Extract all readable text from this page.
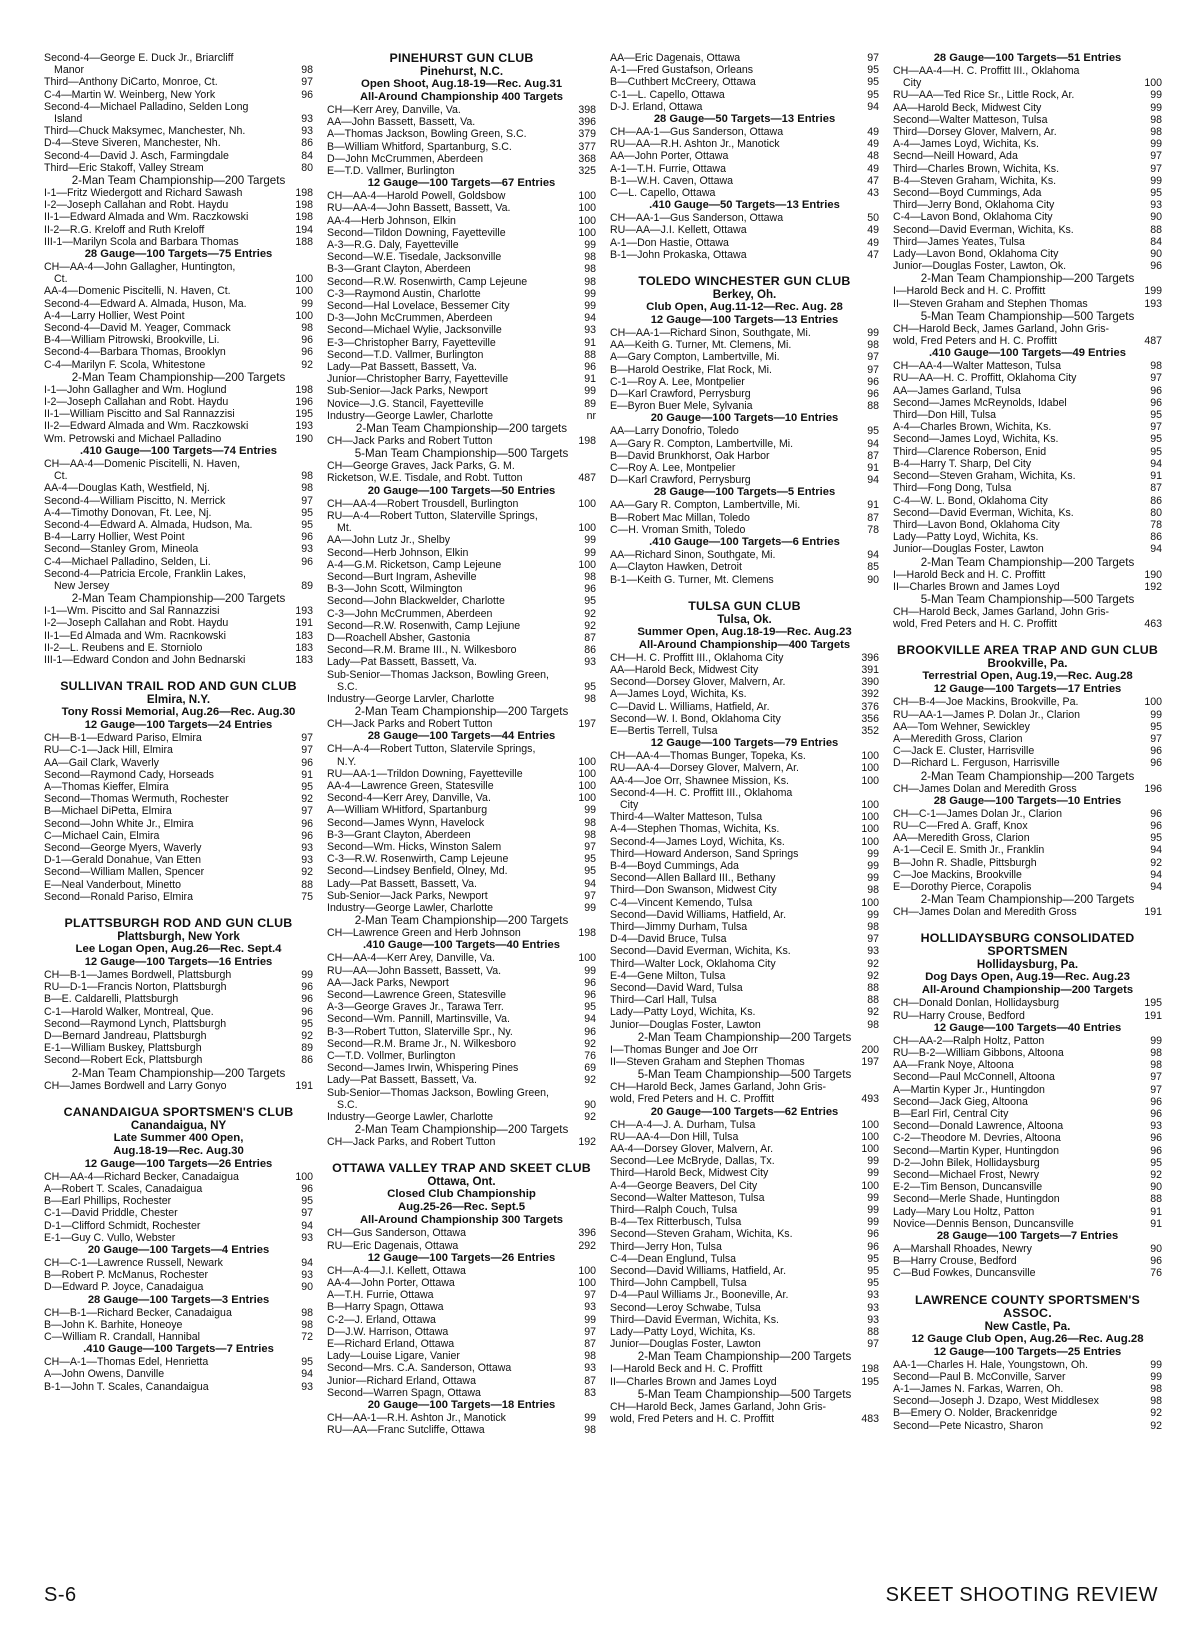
Second-4—George E. Duck Jr., Briarcliff
Manor	98
Third—Anthony DiCarto, Monroe, Ct.	97
C-4—Martin W. Weinberg, New York	96
Second-4—Michael Palladino, Selden Long
Island	93
Third—Chuck Maksymec, Manchester, Nh.	93
D-4—Steve Siveren, Manchester, Nh.	86
Second-4—David J. Asch, Farmingdale	84
Third—Eric Stakoff, Valley Stream	80
2-Man Team Championship—200 Targets
I-1—Fritz Wiedergott and Richard Sawash	198
I-2—Joseph Callahan and Robt. Haydu	198
II-1—Edward Almada and Wm. Raczkowski	198
II-2—R.G. Kreloff and Ruth Kreloff	194
III-1—Marilyn Scola and Barbara Thomas	188
28 Gauge—100 Targets—75 Entries
CH—AA-4—John Gallagher, Huntington,
Ct.	100
AA-4—Domenic Piscitelli, N. Haven, Ct.	100
Second-4—Edward A. Almada, Huson, Ma.	99
A-4—Larry Hollier, West Point	100
Second-4—David M. Yeager, Commack	98
B-4—William Pitrowski, Brookville, Li.	96
Second-4—Barbara Thomas, Brooklyn	96
C-4—Marilyn F. Scola, Whitestone	92
2-Man Team Championship—200 Targets
I-1—John Gallagher and Wm. Hoglund	198
I-2—Joseph Callahan and Robt. Haydu	196
II-1—William Piscitto and Sal Rannazzisi	195
II-2—Edward Almada and Wm. Raczkowski	193
Wm. Petrowski and Michael Palladino	190
.410 Gauge—100 Targets—74 Entries
CH—AA-4—Domenic Piscitelli, N. Haven,
Ct.	98
AA-4—Douglas Kath, Westfield, Nj.	98
Second-4—William Piscitto, N. Merrick	97
A-4—Timothy Donovan, Ft. Lee, Nj.	95
Second-4—Edward A. Almada, Hudson, Ma.	95
B-4—Larry Hollier, West Point	96
Second—Stanley Grom, Mineola	93
C-4—Michael Palladino, Selden, Li.	96
Second-4—Patricia Ercole, Franklin Lakes,
New Jersey	89
2-Man Team Championship—200 Targets
I-1—Wm. Piscitto and Sal Rannazzisi	193
I-2—Joseph Callahan and Robt. Haydu	191
II-1—Ed Almada and Wm. Racnkowski	183
II-2—L. Reubens and E. Storniolo	183
III-1—Edward Condon and John Bednarski	183
SULLIVAN TRAIL ROD AND GUN CLUB
Elmira, N.Y.
Tony Rossi Memorial, Aug.26—Rec. Aug.30
12 Gauge—100 Targets—24 Entries
CH—B-1—Edward Pariso, Elmira	97
RU—C-1—Jack Hill, Elmira	97
AA—Gail Clark, Waverly	96
Second—Raymond Cady, Horseads	91
A—Thomas Kieffer, Elmira	95
Second—Thomas Wermuth, Rochester	92
B—Michael DiPetta, Elmira	97
Second—John White Jr., Elmira	96
C—Michael Cain, Elmira	96
Second—George Myers, Waverly	93
D-1—Gerald Donahue, Van Etten	93
Second—William Mallen, Spencer	92
E—Neal Vanderbout, Minetto	88
Second—Ronald Pariso, Elmira	75
PLATTSBURGH ROD AND GUN CLUB
Plattsburgh, New York
Lee Logan Open, Aug.26—Rec. Sept.4
12 Gauge—100 Targets—16 Entries
CH—B-1—James Bordwell, Plattsburgh	99
RU—D-1—Francis Norton, Plattsburgh	96
B—E. Caldarelli, Plattsburgh	96
C-1—Harold Walker, Montreal, Que.	96
Second—Raymond Lynch, Plattsburgh	95
D—Bernard Jandreau, Plattsburgh	92
E-1—William Buskey, Plattsburgh	89
Second—Robert Eck, Plattsburgh	86
2-Man Team Championship—200 Targets
CH—James Bordwell and Larry Gonyo	191
CANANDAIGUA SPORTSMEN'S CLUB
Canandaigua, NY
Late Summer 400 Open,
Aug.18-19—Rec. Aug.30
12 Gauge—100 Targets—26 Entries
CH—AA-4—Richard Becker, Canadaigua	100
A—Robert T. Scales, Canadaigua	96
B—Earl Phillips, Rochester	95
C-1—David Priddle, Chester	97
D-1—Clifford Schmidt, Rochester	94
E-1—Guy C. Vullo, Webster	93
20 Gauge—100 Targets—4 Entries
CH—C-1—Lawrence Russell, Newark	94
B—Robert P. McManus, Rochester	93
D—Edward P. Joyce, Canadaigua	90
28 Gauge—100 Targets—3 Entries
CH—B-1—Richard Becker, Canadaigua	98
B—John K. Barhite, Honeoye	98
C—William R. Crandall, Hannibal	72
.410 Gauge—100 Targets—7 Entries
CH—A-1—Thomas Edel, Henrietta	95
A—John Owens, Danville	94
B-1—John T. Scales, Canandaigua	93
PINEHURST GUN CLUB
Pinehurst, N.C.
Open Shoot, Aug.18-19—Rec. Aug.31
All-Around Championship 400 Targets
CH—Kerr Arey, Danville, Va.	398
AA—John Bassett, Bassett, Va.	396
A—Thomas Jackson, Bowling Green, S.C.	379
B—William Whitford, Spartanburg, S.C.	377
D—John McCrummen, Aberdeen	368
E—T.D. Vallmer, Burlington	325
12 Gauge—100 Targets—67 Entries
CH—AA-4—Harold Powell, Goldsbow	100
RU—AA-4—John Bassett, Bassett, Va.	100
AA-4—Herb Johnson, Elkin	100
Second—Tildon Downing, Fayetteville	100
A-3—R.G. Daly, Fayetteville	99
Second—W.E. Tisedale, Jacksonville	98
B-3—Grant Clayton, Aberdeen	98
Second—R.W. Rosenwirth, Camp Lejeune	98
C-3—Raymond Austin, Charlotte	99
Second—Hal Lovelace, Bessemer City	99
D-3—John McCrummen, Aberdeen	94
Second—Michael Wylie, Jacksonville	93
E-3—Christopher Barry, Fayetteville	91
Second—T.D. Vallmer, Burlington	88
Lady—Pat Bassett, Bassett, Va.	96
Junior—Christopher Barry, Fayetteville	91
Sub-Senior—Jack Parks, Newport	99
Novice—J.G. Stancil, Fayetteville	89
Industry—George Lawler, Charlotte	nr
2-Man Team Championship—200 targets
CH—Jack Parks and Robert Tutton	198
5-Man Team Championship—500 Targets
CH—George Graves, Jack Parks, G. M.
Ricketson, W.E. Tisdale, and Robt. Tutton	487
20 Gauge—100 Targets—50 Entries
CH—AA-4—Robert Trousdell, Burlington	100
RU—A-4—Robert Tutton, Slaterville Springs,
Mt.	100
AA—John Lutz Jr., Shelby	99
Second—Herb Johnson, Elkin	99
A-4—G.M. Ricketson, Camp Lejeune	100
Second—Burt Ingram, Asheville	98
B-3—John Scott, Wilmington	96
Second—John Blackwelder, Charlotte	95
C-3—John McCrummen, Aberdeen	92
Second—R.W. Rosenwith, Camp Lejiune	92
D—Roachell Absher, Gastonia	87
Second—R.M. Brame III., N. Wilkesboro	86
Lady—Pat Bassett, Bassett, Va.	93
Sub-Senior—Thomas Jackson, Bowling Green,
S.C.	95
Industry—George Larvler, Charlotte	98
2-Man Team Championship—200 Targets
CH—Jack Parks and Robert Tutton	197
28 Gauge—100 Targets—44 Entries
CH—A-4—Robert Tutton, Slatervile Springs,
N.Y.	100
RU—AA-1—Trildon Downing, Fayetteville	100
AA-4—Lawrence Green, Statesville	100
Second-4—Kerr Arey, Danville, Va.	100
A—William WHitford, Spartanburg	99
Second—James Wynn, Havelock	98
B-3—Grant Clayton, Aberdeen	98
Second—Wm. Hicks, Winston Salem	97
C-3—R.W. Rosenwirth, Camp Lejeune	95
Second—Lindsey Benfield, Olney, Md.	95
Lady—Pat Bassett, Bassett, Va.	94
Sub-Senior—Jack Parks, Newport	97
Industry—George Lawler, Charlotte	99
2-Man Team Championship—200 Targets
CH—Lawrence Green and Herb Johnson	198
.410 Gauge—100 Targets—40 Entries
CH—AA-4—Kerr Arey, Danville, Va.	100
RU—AA—John Bassett, Bassett, Va.	99
AA—Jack Parks, Newport	96
Second—Lawrence Green, Statesville	96
A-3—George Graves Jr., Tarawa Terr.	95
Second—Wm. Pannill, Martinsville, Va.	94
B-3—Robert Tutton, Slaterville Spr., Ny.	96
Second—R.M. Brame Jr., N. Wilkesboro	92
C—T.D. Vollmer, Burlington	76
Second—James Irwin, Whispering Pines	69
Lady—Pat Bassett, Bassett, Va.	92
Sub-Senior—Thomas Jackson, Bowling Green,
S.C.	90
Industry—George Lawler, Charlotte	92
2-Man Team Championship—200 Targets
CH—Jack Parks, and Robert Tutton	192
OTTAWA VALLEY TRAP AND SKEET CLUB
Ottawa, Ont.
Closed Club Championship
Aug.25-26—Rec. Sept.5
All-Around Championship 300 Targets
CH—Gus Sanderson, Ottawa	396
RU—Eric Dagenais, Ottawa	292
12 Gauge—100 Targets—26 Entries
CH—A-4—J.I. Kellett, Ottawa	100
AA-4—John Porter, Ottawa	100
A—T.H. Furrie, Ottawa	97
B—Harry Spagn, Ottawa	93
C-2—J. Erland, Ottawa	99
D—J.W. Harrison, Ottawa	97
E—Richard Erland, Ottawa	87
Lady—Louise Ligare, Vanier	98
Second—Mrs. C.A. Sanderson, Ottawa	93
Junior—Richard Erland, Ottawa	87
Second—Warren Spagn, Ottawa	83
20 Gauge—100 Targets—18 Entries
CH—AA-1—R.H. Ashton Jr., Manotick	99
RU—AA—Franc Sutcliffe, Ottawa	98
AA—Eric Dagenais, Ottawa	97
A-1—Fred Gustafson, Orleans	95
B—Cuthbert McCreery, Ottawa	95
C-1—L. Capello, Ottawa	95
D-J. Erland, Ottawa	94
28 Gauge—50 Targets—13 Entries
CH—AA-1—Gus Sanderson, Ottawa	49
RU—AA—R.H. Ashton Jr., Manotick	49
AA—John Porter, Ottawa	48
A-1—T.H. Furrie, Ottawa	49
B-1—W.H. Caven, Ottawa	47
C—L. Capello, Ottawa	43
.410 Gauge—50 Targets—13 Entries
CH—AA-1—Gus Sanderson, Ottawa	50
RU—AA—J.I. Kellett, Ottawa	49
A-1—Don Hastie, Ottawa	49
B-1—John Prokaska, Ottawa	47
TOLEDO WINCHESTER GUN CLUB
Berkey, Oh.
Club Open, Aug.11-12—Rec. Aug. 28
12 Gauge—100 Targets—13 Entries
CH—AA-1—Richard Sinon, Southgate, Mi.	99
AA—Keith G. Turner, Mt. Clemens, Mi.	98
A—Gary Compton, Lambertville, Mi.	97
B—Harold Oestrike, Flat Rock, Mi.	97
C-1—Roy A. Lee, Montpelier	96
D—Karl Crawford, Perrysburg	96
E—Byron Buer Mele, Sylvania	88
20 Gauge—100 Targets—10 Entries
AA—Larry Donofrio, Toledo	95
A—Gary R. Compton, Lambertville, Mi.	94
B—David Brunkhorst, Oak Harbor	87
C—Roy A. Lee, Montpelier	91
D—Karl Crawford, Perrysburg	94
28 Gauge—100 Targets—5 Entries
AA—Gary R. Compton, Lambertville, Mi.	91
B—Robert Mac Millan, Toledo	87
C—H. Vroman Smith, Toledo	78
.410 Gauge—100 Targets—6 Entries
AA—Richard Sinon, Southgate, Mi.	94
A—Clayton Hawken, Detroit	85
B-1—Keith G. Turner, Mt. Clemens	90
TULSA GUN CLUB
Tulsa, Ok.
Summer Open, Aug.18-19—Rec. Aug.23
All-Around Championship—400 Targets
CH—H. C. Proffitt III., Oklahoma City	396
AA—Harold Beck, Midwest City	391
Second—Dorsey Glover, Malvern, Ar.	390
A—James Loyd, Wichita, Ks.	392
C—David L. Williams, Hatfield, Ar.	376
Second—W. I. Bond, Oklahoma City	356
E—Bertis Terrell, Tulsa	352
12 Gauge—100 Targets—79 Entries
CH—AA-4—Thomas Bunger, Topeka, Ks.	100
RU—AA-4—Dorsey Glover, Malvern, Ar.	100
AA-4—Joe Orr, Shawnee Mission, Ks.	100
Second-4—H. C. Proffitt III., Oklahoma
City	100
Third-4—Walter Matteson, Tulsa	100
A-4—Stephen Thomas, Wichita, Ks.	100
Second-4—James Loyd, Wichita, Ks.	100
Third—Howard Anderson, Sand Springs	99
B-4—Boyd Cummings, Ada	99
Second—Allen Ballard III., Bethany	99
Third—Don Swanson, Midwest City	98
C-4—Vincent Kemendo, Tulsa	100
Second—David Williams, Hatfield, Ar.	99
Third—Jimmy Durham, Tulsa	98
D-4—David Bruce, Tulsa	97
Second—David Everman, Wichita, Ks.	93
Third—Walter Lock, Oklahoma City	92
E-4—Gene Milton, Tulsa	92
Second—David Ward, Tulsa	88
Third—Carl Hall, Tulsa	88
Lady—Patty Loyd, Wichita, Ks.	92
Junior—Douglas Foster, Lawton	98
2-Man Team Championship—200 Targets
I—Thomas Bunger and Joe Orr	200
II—Steven Graham and Stephen Thomas	197
5-Man Team Championship—500 Targets
CH—Harold Beck, James Garland, John Gris-
wold, Fred Peters and H. C. Proffitt	493
20 Gauge—100 Targets—62 Entries
CH—A-4—J. A. Durham, Tulsa	100
RU—AA-4—Don Hill, Tulsa	100
AA-4—Dorsey Glover, Malvern, Ar.	100
Second—Lee McBryde, Dallas, Tx.	99
Third—Harold Beck, Midwest City	99
A-4—George Beavers, Del City	100
Second—Walter Matteson, Tulsa	99
Third—Ralph Couch, Tulsa	99
B-4—Tex Ritterbusch, Tulsa	99
Second—Steven Graham, Wichita, Ks.	96
Third—Jerry Hon, Tulsa	96
C-4—Dean Englund, Tulsa	95
Second—David Williams, Hatfield, Ar.	95
Third—John Campbell, Tulsa	95
D-4—Paul Williams Jr., Booneville, Ar.	93
Second—Leroy Schwabe, Tulsa	93
Third—David Everman, Wichita, Ks.	93
Lady—Patty Loyd, Wichita, Ks.	88
Junior—Douglas Foster, Lawton	97
2-Man Team Championship—200 Targets
I—Harold Beck and H. C. Proffitt	198
II—Charles Brown and James Loyd	195
5-Man Team Championship—500 Targets
CH—Harold Beck, James Garland, John Gris-
wold, Fred Peters and H. C. Proffitt	483
28 Gauge—100 Targets—51 Entries
CH—AA-4—H. C. Proffitt III., Oklahoma
City	100
RU—AA—Ted Rice Sr., Little Rock, Ar.	99
AA—Harold Beck, Midwest City	99
Second—Walter Matteson, Tulsa	98
Third—Dorsey Glover, Malvern, Ar.	98
A-4—James Loyd, Wichita, Ks.	99
Secnd—Neill Howard, Ada	97
Third—Charles Brown, Wichita, Ks.	97
B-4—Steven Graham, Wichita, Ks.	99
Second—Boyd Cummings, Ada	95
Third—Jerry Bond, Oklahoma City	93
C-4—Lavon Bond, Oklahoma City	90
Second—David Everman, Wichita, Ks.	88
Third—James Yeates, Tulsa	84
Lady—Lavon Bond, Oklahoma City	90
Junior—Douglas Foster, Lawton, Ok.	96
2-Man Team Championship—200 Targets
I—Harold Beck and H. C. Proffitt	199
II—Steven Graham and Stephen Thomas	193
5-Man Team Championship—500 Targets
CH—Harold Beck, James Garland, John Gris-
wold, Fred Peters and H. C. Proffitt	487
.410 Gauge—100 Targets—49 Entries
CH—AA-4—Walter Matteson, Tulsa	98
RU—AA—H. C. Proffitt, Oklahoma City	97
AA—James Garland, Tulsa	96
Second—James McReynolds, Idabel	96
Third—Don Hill, Tulsa	95
A-4—Charles Brown, Wichita, Ks.	97
Second—James Loyd, Wichita, Ks.	95
Third—Clarence Roberson, Enid	95
B-4—Harry T. Sharp, Del City	94
Second—Steven Graham, Wichita, Ks.	91
Third—Fong Dong, Tulsa	87
C-4—W. L. Bond, Oklahoma City	86
Second—David Everman, Wichita, Ks.	80
Third—Lavon Bond, Oklahoma City	78
Lady—Patty Loyd, Wichita, Ks.	86
Junior—Douglas Foster, Lawton	94
2-Man Team Championship—200 Targets
I—Harold Beck and H. C. Proffitt	190
II—Charles Brown and James Loyd	192
5-Man Team Championship—500 Targets
CH—Harold Beck, James Garland, John Gris-
wold, Fred Peters and H. C. Proffitt	463
BROOKVILLE AREA TRAP AND GUN CLUB
Brookville, Pa.
Terrestrial Open, Aug.19,—Rec. Aug.28
12 Gauge—100 Targets—17 Entries
CH—B-4—Joe Mackins, Brookville, Pa.	100
RU—AA-1—James P. Dolan Jr., Clarion	99
AA—Tom Wehner, Sewickley	95
A—Meredith Gross, Clarion	97
C—Jack E. Cluster, Harrisville	96
D—Richard L. Ferguson, Harrisville	96
2-Man Team Championship—200 Targets
CH—James Dolan and Meredith Gross	196
28 Gauge—100 Targets—10 Entries
CH—C-1—James Dolan Jr., Clarion	96
RU—C—Fred A. Graff, Knox	96
AA—Meredith Gross, Clarion	95
A-1—Cecil E. Smith Jr., Franklin	94
B—John R. Shadle, Pittsburgh	92
C—Joe Mackins, Brookville	94
E—Dorothy Pierce, Corapolis	94
2-Man Team Championship—200 Targets
CH—James Dolan and Meredith Gross	191
HOLLIDAYSBURG CONSOLIDATED
SPORTSMEN
Hollidaysburg, Pa.
Dog Days Open, Aug.19—Rec. Aug.23
All-Around Championship—200 Targets
CH—Donald Donlan, Hollidaysburg	195
RU—Harry Crouse, Bedford	191
12 Gauge—100 Targets—40 Entries
CH—AA-2—Ralph Holtz, Patton	99
RU—B-2—William Gibbons, Altoona	98
AA—Frank Noye, Altoona	98
Second—Paul McConnell, Altoona	97
A—Martin Kyper Jr., Huntingdon	97
Second—Jack Gieg, Altoona	96
B—Earl Firl, Central City	96
Second—Donald Lawrence, Altoona	93
C-2—Theodore M. Devries, Altoona	96
Second—Martin Kyper, Huntingdon	96
D-2—John Bilek, Hollidaysburg	95
Second—Michael Frost, Newry	92
E-2—Tim Benson, Duncansville	90
Second—Merle Shade, Huntingdon	88
Lady—Mary Lou Holtz, Patton	91
Novice—Dennis Benson, Duncansville	91
28 Gauge—100 Targets—7 Entries
A—Marshall Rhoades, Newry	90
B—Harry Crouse, Bedford	96
C—Bud Fowkes, Duncansville	76
LAWRENCE COUNTY SPORTSMEN'S ASSOC.
New Castle, Pa.
12 Gauge Club Open, Aug.26—Rec. Aug.28
12 Gauge—100 Targets—25 Entries
AA-1—Charles H. Hale, Youngstown, Oh.	99
Second—Paul B. McConville, Sarver	99
A-1—James N. Farkas, Warren, Oh.	98
Second—Joseph J. Dzapo, West Middlesex	98
B—Emery O. Nolder, Brackenridge	92
Second—Pete Nicastro, Sharon	92
S-6	SKEET SHOOTING REVIEW
